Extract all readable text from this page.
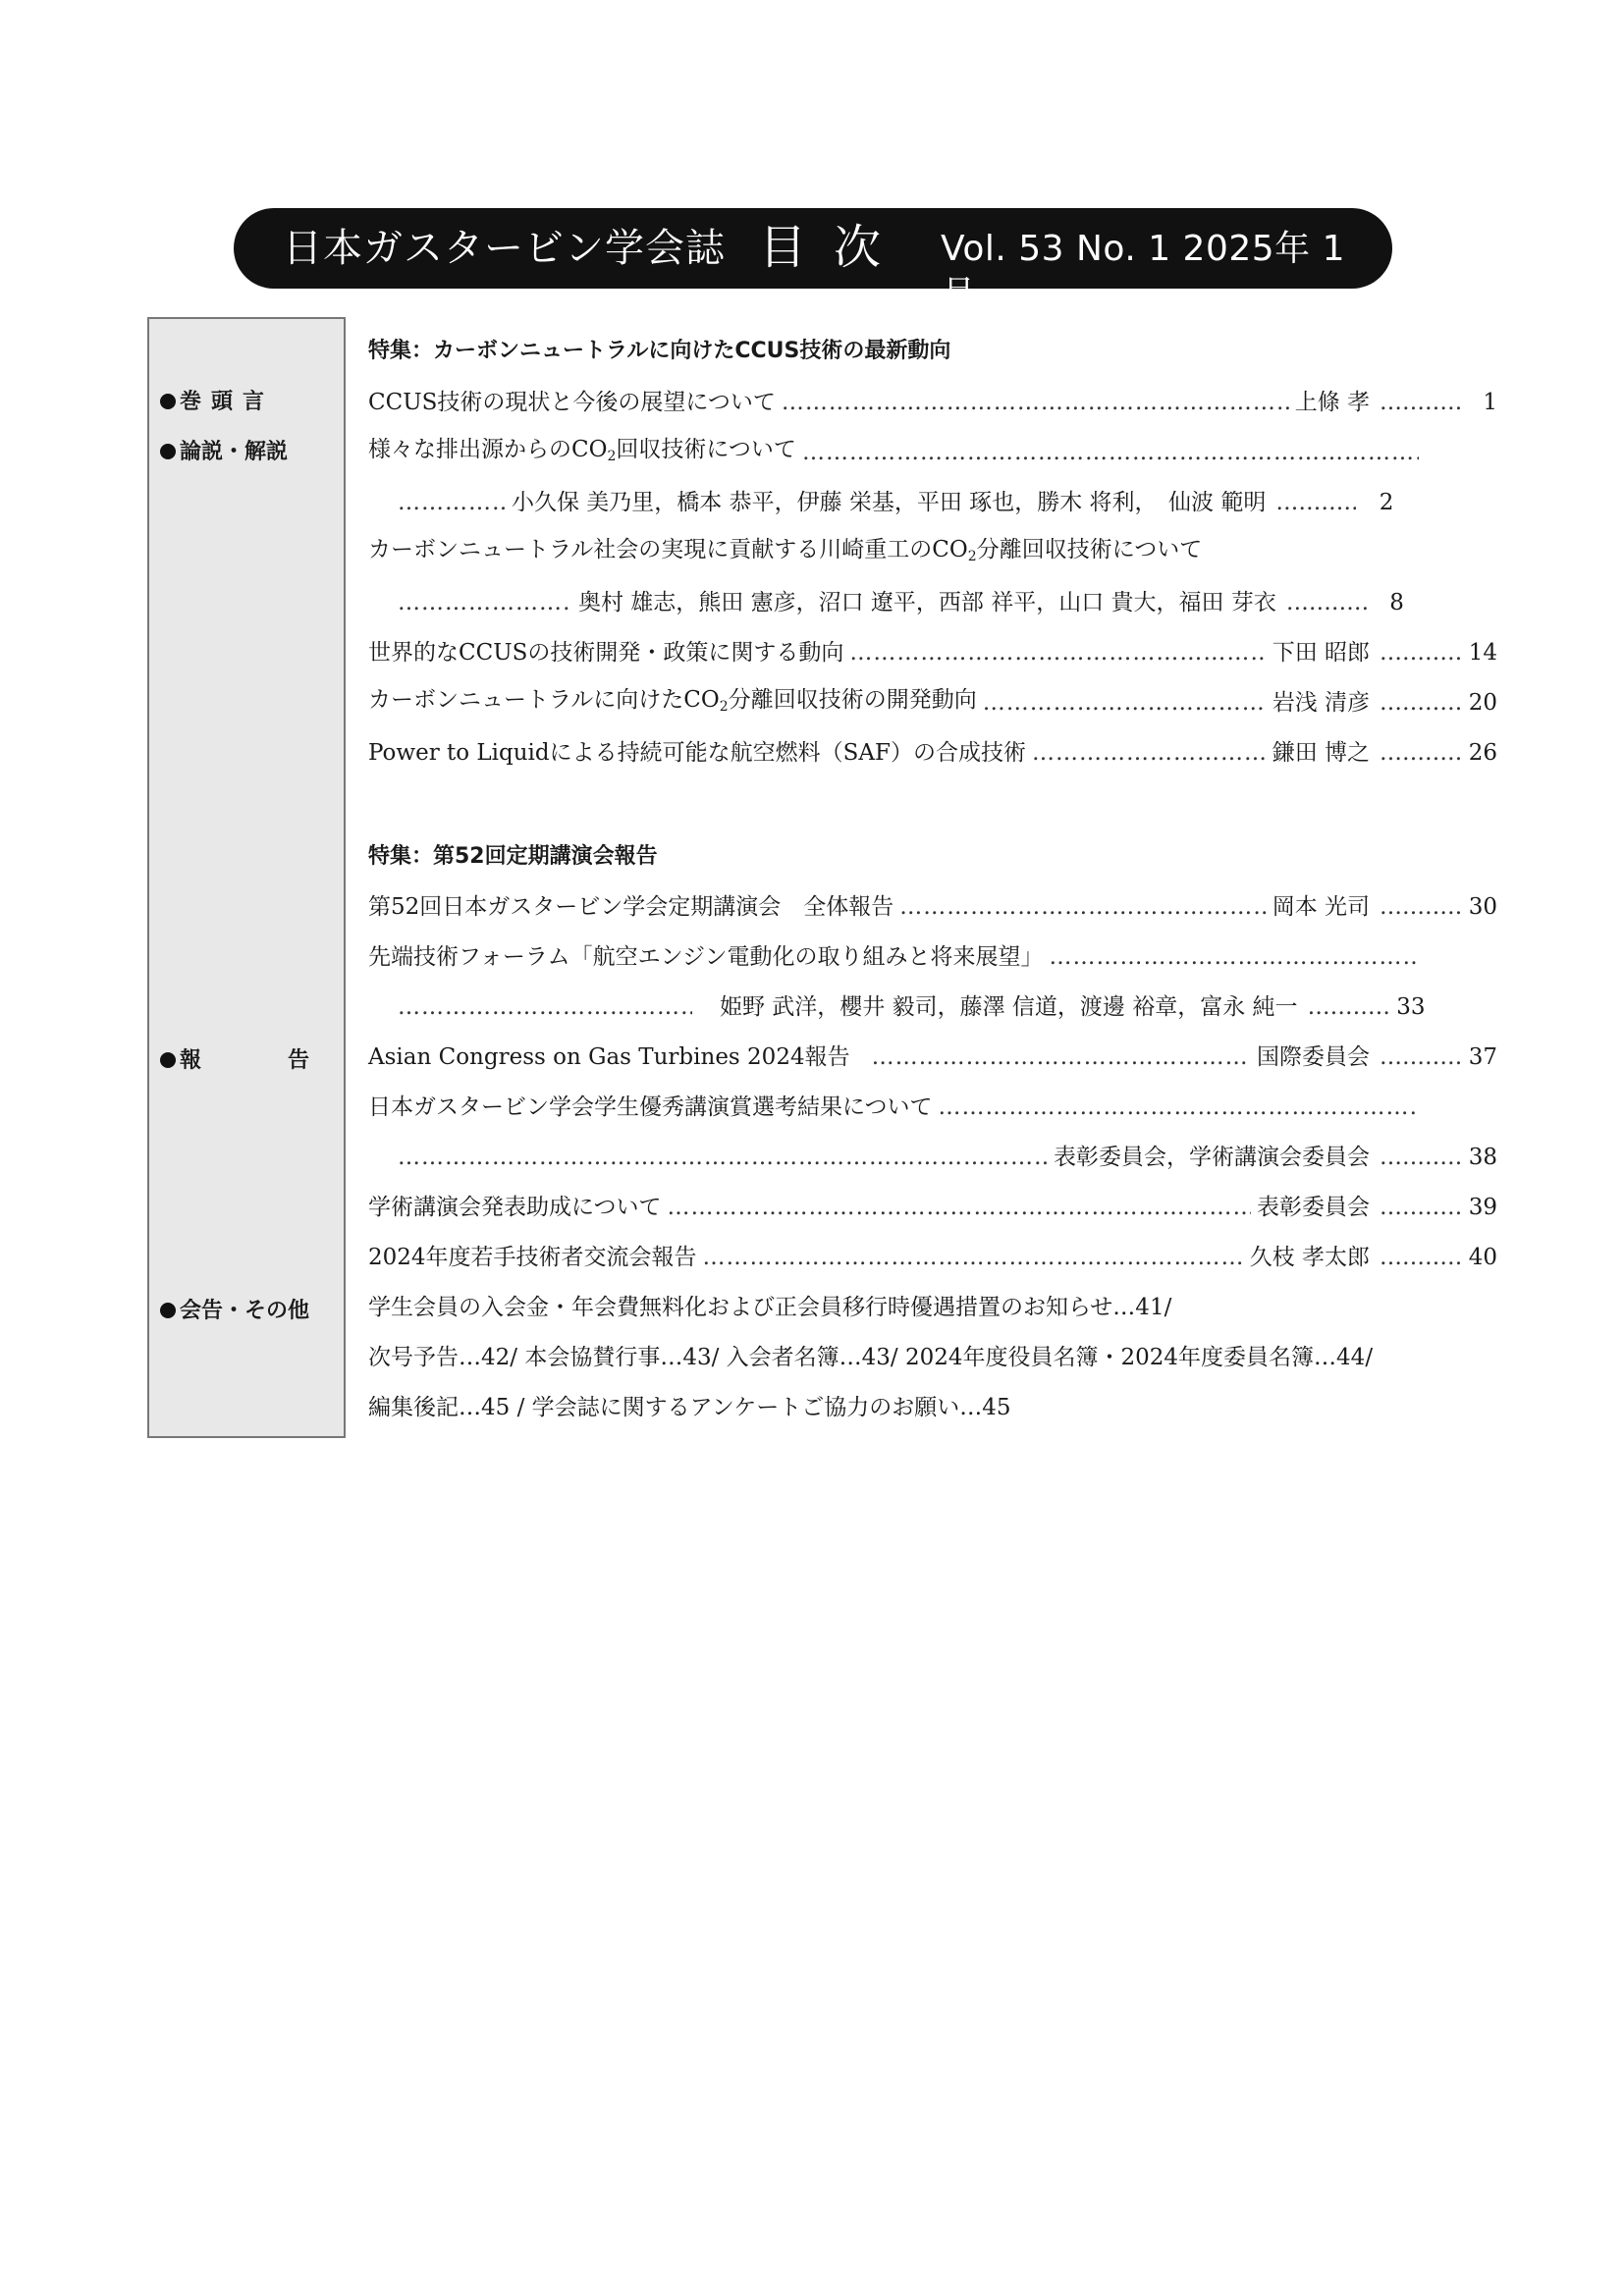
日本ガスタービン学会誌 目次 Vol. 53 No. 1 2025年 1 月
巻頭言
論説・解説
報告
会告・その他
特集：カーボンニュートラルに向けたCCUS技術の最新動向
CCUS技術の現状と今後の展望について …………………………………………………………………………………………………………………………………………………………	上條 孝 …………………………	1
様々な排出源からの$CO_2$回収技術について
…………………………………………………………………………………………………………………………………………………………
…………………………………………………………………………………………………………………………………………………………
小久保 美乃里，橋本 恭平，伊藤 栄基，平田 琢也，勝木 将利，　仙波 範明 …………………………	2
カーボンニュートラル社会の実現に貢献する川崎重工の$CO_2$分離回収技術について
…………………………………………………………………………………………………………………………………………………………
奥村 雄志，熊田 憲彦，沼口 遼平，西部 祥平，山口 貴大，福田 芽衣 …………………………	8
世界的なCCUSの技術開発・政策に関する動向 …………………………………………………………………………………………………………………………………………………………	下田 昭郎 …………………………	14
カーボンニュートラルに向けた$CO_2$分離回収技術の開発動向 …………………………………………………………………………………………………………………………………………………………	岩浅 清彦 …………………………	20
Power to Liquidによる持続可能な航空燃料（SAF）の合成技術 …………………………………………………………………………………………………………………………………………………………	鎌田 博之 …………………………	26
特集：第52回定期講演会報告
第52回日本ガスタービン学会定期講演会　全体報告 …………………………………………………………………………………………………………………………………………………………	岡本 光司 …………………………	30
先端技術フォーラム「航空エンジン電動化の取り組みと将来展望」
…………………………………………………………………………………………………………………………………………………………
…………………………………………………………………………………………………………………………………………………………
姫野 武洋，櫻井 毅司，藤澤 信道，渡邊 裕章，富永 純一 …………………………	33
Asian Congress on Gas Turbines 2024報告 …………………………………………………………………………………………………………………………………………………………	国際委員会 …………………………	37
日本ガスタービン学会学生優秀講演賞選考結果について
…………………………………………………………………………………………………………………………………………………………
…………………………………………………………………………………………………………………………………………………………
表彰委員会，学術講演会委員会 …………………………	38
学術講演会発表助成について …………………………………………………………………………………………………………………………………………………………	表彰委員会 …………………………	39
2024年度若手技術者交流会報告 …………………………………………………………………………………………………………………………………………………………	久枝 孝太郎 …………………………	40
学生会員の入会金・年会費無料化および正会員移行時優遇措置のお知らせ…41/
次号予告…42/ 本会協賛行事…43/ 入会者名簿…43/ 2024年度役員名簿・2024年度委員名簿…44/
編集後記…45 / 学会誌に関するアンケートご協力のお願い…45
